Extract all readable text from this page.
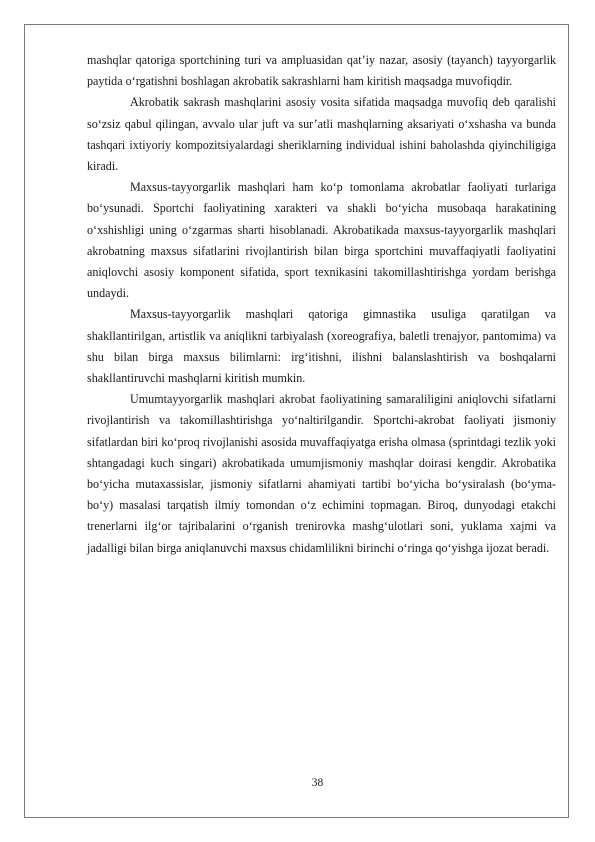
mashqlar qatoriga sportchining turi va ampluasidan qat’iy nazar, asosiy (tayanch) tayyorgarlik paytida o‘rgatishni boshlagan akrobatik sakrashlarni ham kiritish maqsadga muvofiqdir.

Akrobatik sakrash mashqlarini asosiy vosita sifatida maqsadga muvofiq deb qaralishi so‘zsiz qabul qilingan, avvalo ular juft va sur’atli mashqlarning aksariyati o‘xshasha va bunda tashqari ixtiyoriy kompozitsiyalardagi sheriklarning individual ishini baholashda qiyinchiligiga kiradi.

Maxsus-tayyorgarlik mashqlari ham ko‘p tomonlama akrobatlar faoliyati turlariga bo‘ysunadi. Sportchi faoliyatining xarakteri va shakli bo‘yicha musobaqa harakatining o‘xshishligi uning o‘zgarmas sharti hisoblanadi. Akrobatikada maxsus-tayyorgarlik mashqlari akrobatning maxsus sifatlarini rivojlantirish bilan birga sportchini muvaffaqiyatli faoliyatini aniqlovchi asosiy komponent sifatida, sport texnikasini takomillashtirishga yordam berishga undaydi.

Maxsus-tayyorgarlik mashqlari qatoriga gimnastika usuliga qaratilgan va shakllantirilgan, artistlik va aniqlikni tarbiyalash (xoreografiya, baletli trenajyor, pantomima) va shu bilan birga maxsus bilimlarni: irg‘itishni, ilishni balanslashtirish va boshqalarni shakllantiruvchi mashqlarni kiritish mumkin.

Umumtayyorgarlik mashqlari akrobat faoliyatining samaraliligini aniqlovchi sifatlarni rivojlantirish va takomillashtirishga yo‘naltirilgandir. Sportchi-akrobat faoliyati jismoniy sifatlardan biri ko‘proq rivojlanishi asosida muvaffaqiyatga erisha olmasa (sprintdagi tezlik yoki shtangadagi kuch singari) akrobatikada umumjismoniy mashqlar doirasi kengdir. Akrobatika bo‘yicha mutaxassislar, jismoniy sifatlarni ahamiyati tartibi bo‘yicha bo‘ysiralash (bo‘yma-bo‘y) masalasi tarqatish ilmiy tomondan o‘z echimini topmagan. Biroq, dunyodagi etakchi trenerlarni ilg‘or tajribalarini o‘rganish trenirovka mashg‘ulotlari soni, yuklama xajmi va jadalligi bilan birga aniqlanuvchi maxsus chidamlilikni birinchi o‘ringa qo‘yishga ijozat beradi.

38
